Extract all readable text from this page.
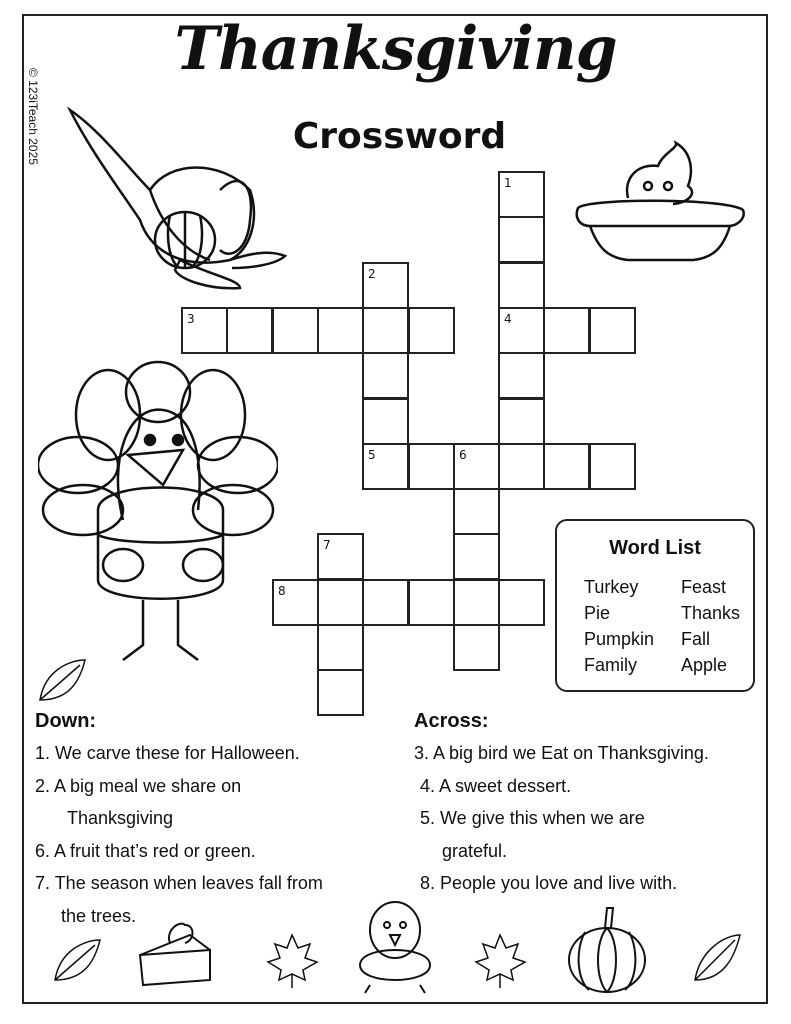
© 123iTeach 2025
Thanksgiving
Crossword
1
4
2
5
3
6
7
8
Word List
Turkey	Feast
Pie	Thanks
Pumpkin	Fall
Family	Apple
Down:
1. We carve these for Halloween.
2. A big meal we share on
Thanksgiving
6. A fruit that’s red or green.
7. The season when leaves fall from
the trees.
Across:
3. A big bird we Eat on Thanksgiving.
4. A sweet dessert.
5. We give this when we are
grateful.
8. People you love and live with.
